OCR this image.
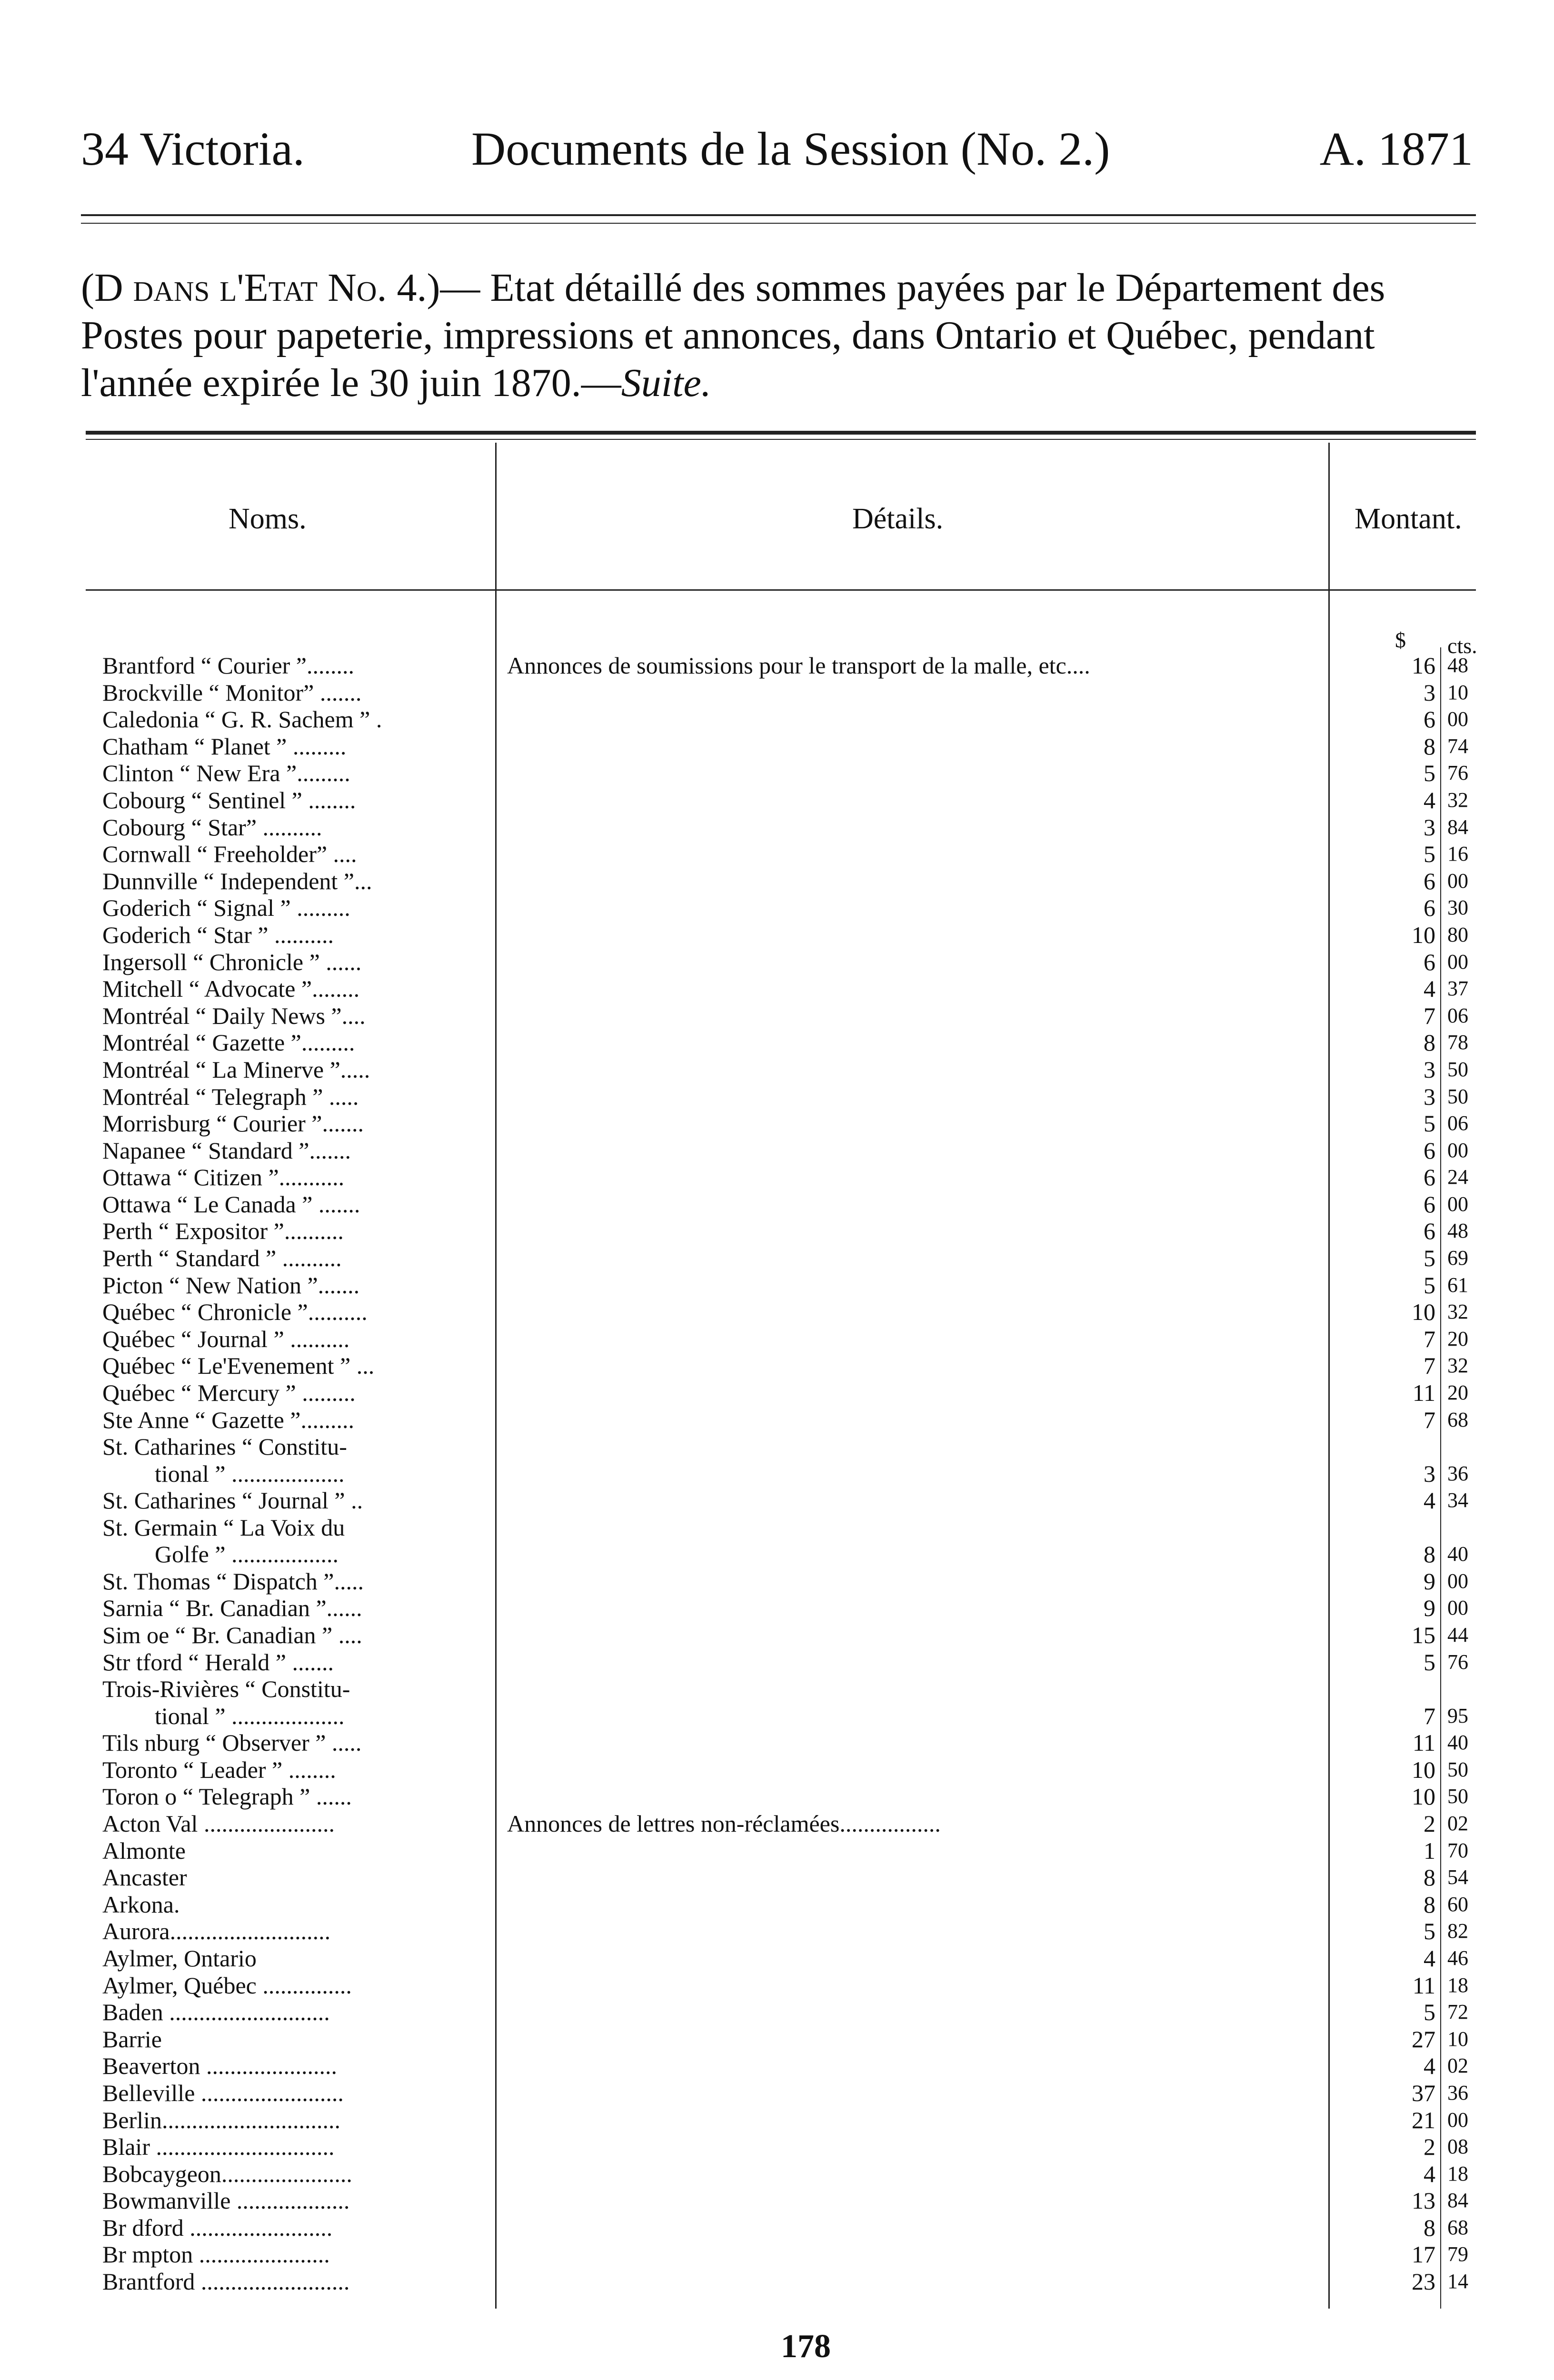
34 Victoria.	Documents de la Session (No. 2.)	A. 1871
(D dans l'Etat No. 4.)— Etat détaillé des sommes payées par le Département des Postes pour papeterie, impressions et annonces, dans Ontario et Québec, pendant l'année expirée le 30 juin 1870.—Suite.
Noms.	Détails.	Montant.
$ cts.
Brantford “ Courier ”........	Annonces de soumissions pour le transport de la malle, etc....	16 48
Brockville “ Monitor” .......	3 10
Caledonia “ G. R. Sachem ” .	6 00
Chatham “ Planet ” .........	8 74
Clinton “ New Era ”.........	5 76
Cobourg “ Sentinel ” ........	4 32
Cobourg “ Star” ..........	3 84
Cornwall “ Freeholder” ....	5 16
Dunnville “ Independent ”...	6 00
Goderich “ Signal ” .........	6 30
Goderich “ Star ” ..........	10 80
Ingersoll “ Chronicle ” ......	6 00
Mitchell “ Advocate ”........	4 37
Montréal “ Daily News ”....	7 06
Montréal “ Gazette ”.........	8 78
Montréal “ La Minerve ”.....	3 50
Montréal “ Telegraph ” .....	3 50
Morrisburg “ Courier ”.......	5 06
Napanee “ Standard ”.......	6 00
Ottawa “ Citizen ”...........	6 24
Ottawa “ Le Canada ” .......	6 00
Perth “ Expositor ”..........	6 48
Perth “ Standard ” ..........	5 69
Picton “ New Nation ”.......	5 61
Québec “ Chronicle ”..........	10 32
Québec “ Journal ” ..........	7 20
Québec “ Le'Evenement ” ...	7 32
Québec “ Mercury ” .........	11 20
Ste Anne “ Gazette ”.........	7 68
St. Catharines “ Constitu-
tional ” ...................	3 36
St. Catharines “ Journal ” ..	4 34
St. Germain “ La Voix du
Golfe ” ..................	8 40
St. Thomas “ Dispatch ”.....	9 00
Sarnia “ Br. Canadian ”......	9 00
Sim oe “ Br. Canadian ” ....	15 44
Str tford “ Herald ” .......	5 76
Trois-Rivières “ Constitu-
tional ” ...................	7 95
Tils nburg “ Observer ” .....	11 40
Toronto “ Leader ” ........	10 50
Toron o “ Telegraph ” ......	10 50
Acton Val ......................	Annonces de lettres non-réclamées.................	2 02
Almonte	1 70
Ancaster	8 54
Arkona.	8 60
Aurora...........................	5 82
Aylmer, Ontario	4 46
Aylmer, Québec ...............	11 18
Baden ...........................	5 72
Barrie	27 10
Beaverton ......................	4 02
Belleville ........................	37 36
Berlin..............................	21 00
Blair ..............................	2 08
Bobcaygeon......................	4 18
Bowmanville ...................	13 84
Br dford ........................	8 68
Br mpton ......................	17 79
Brantford .........................	23 14
178
